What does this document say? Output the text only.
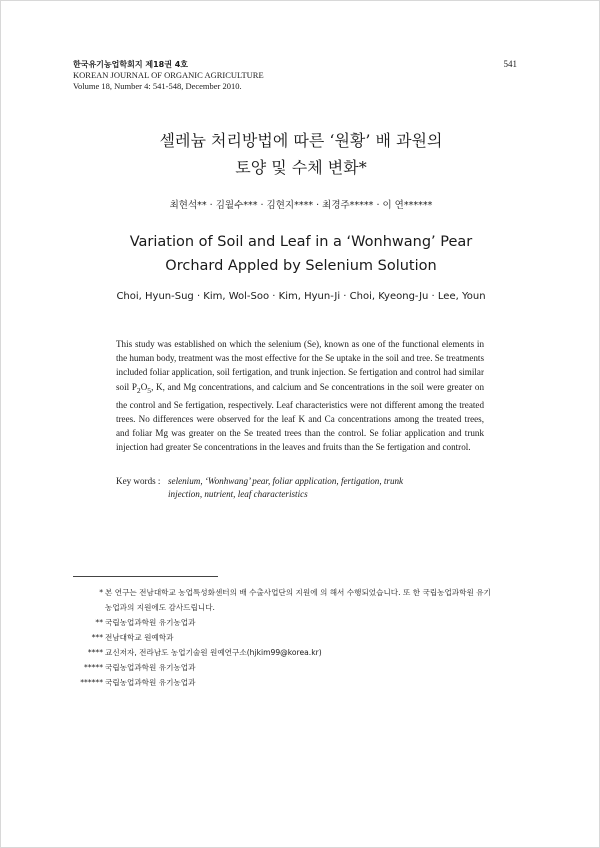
한국유기농업학회지 제18권 4호
KOREAN JOURNAL OF ORGANIC AGRICULTURE
Volume 18, Number 4: 541-548, December 2010.
541
셀레늄 처리방법에 따른 ‘원황’ 배 과원의
토양 및 수체 변화*
최현석** · 김월수*** · 김현지**** · 최경주***** · 이 연******
Variation of Soil and Leaf in a ‘Wonhwang’ Pear
Orchard Appled by Selenium Solution
Choi, Hyun-Sug · Kim, Wol-Soo · Kim, Hyun-Ji · Choi, Kyeong-Ju · Lee, Youn
This study was established on which the selenium (Se), known as one of the functional elements in the human body, treatment was the most effective for the Se uptake in the soil and tree. Se treatments included foliar application, soil fertigation, and trunk injection. Se fertigation and control had similar soil $P_2O_5$, K, and Mg concentrations, and calcium and Se concentrations in the soil were greater on the control and Se fertigation, respectively. Leaf characteristics were not different among the treated trees. No differences were observed for the leaf K and Ca concentrations among the treated trees, and foliar Mg was greater on the Se treated trees than the control. Se foliar application and trunk injection had greater Se concentrations in the leaves and fruits than the Se fertigation and control.
Key words : selenium, ‘Wonhwang’ pear, foliar application, fertigation, trunk injection, nutrient, leaf characteristics
* 본 연구는 전남대학교 농업특성화센터의 배 수출사업단의 지원에 의 해서 수행되었습니다. 또 한 국립농업과학원 유기농업과의 지원에도 감사드립니다.
** 국립농업과학원 유기농업과
*** 전남대학교 원예학과
**** 교신저자, 전라남도 농업기술원 원예연구소(hjkim99@korea.kr)
***** 국립농업과학원 유기농업과
****** 국립농업과학원 유기농업과
